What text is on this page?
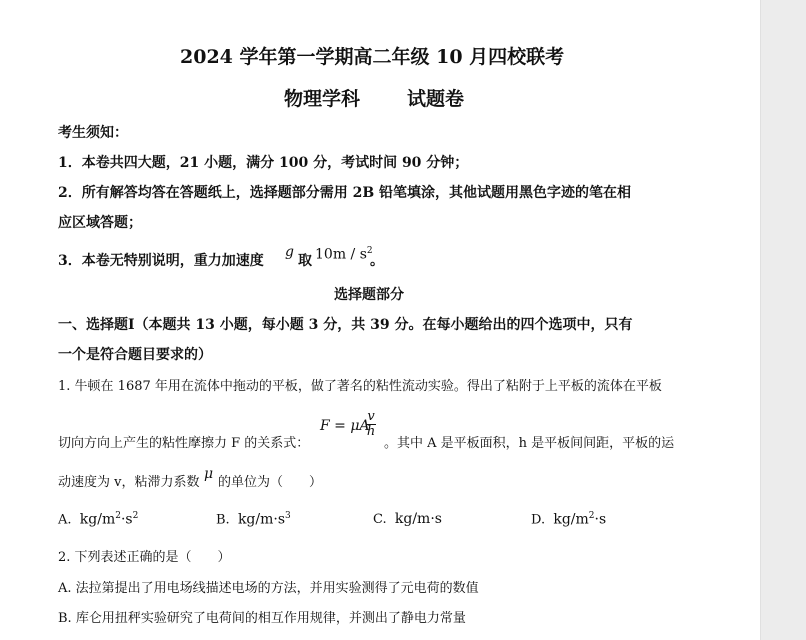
2024 学年第一学期高二年级 10 月四校联考
物理学科 试题卷
考生须知：
1．本卷共四大题，21 小题，满分 100 分，考试时间 90 分钟；
2．所有解答均答在答题纸上，选择题部分需用 2B 铅笔填涂，其他试题用黑色字迹的笔在相
应区域答题；
3．本卷无特别说明，重力加速度
g
取 $10m / s^2$
。
选择题部分
一、选择题Ⅰ（本题共 13 小题，每小题 3 分，共 39 分。在每小题给出的四个选项中，只有
一个是符合题目要求的）
1. 牛顿在 1687 年用在流体中拖动的平板，做了著名的粘性流动实验。得出了粘附于上平板的流体在平板
F = μA
v
h
切向方向上产生的粘性摩擦力 F 的关系式：	。其中 A 是平板面积，h 是平板间间距，平板的运
动速度为 v，粘滞力系数
μ
的单位为（　　）
A. $kg/m^2\cdot s^2$	B. $kg/m\cdot s^3$	C. kg/m·s	D. $kg/m^2\cdot s$
2. 下列表述正确的是（　　）
A. 法拉第提出了用电场线描述电场的方法，并用实验测得了元电荷的数值
B. 库仑用扭秤实验研究了电荷间的相互作用规律，并测出了静电力常量
